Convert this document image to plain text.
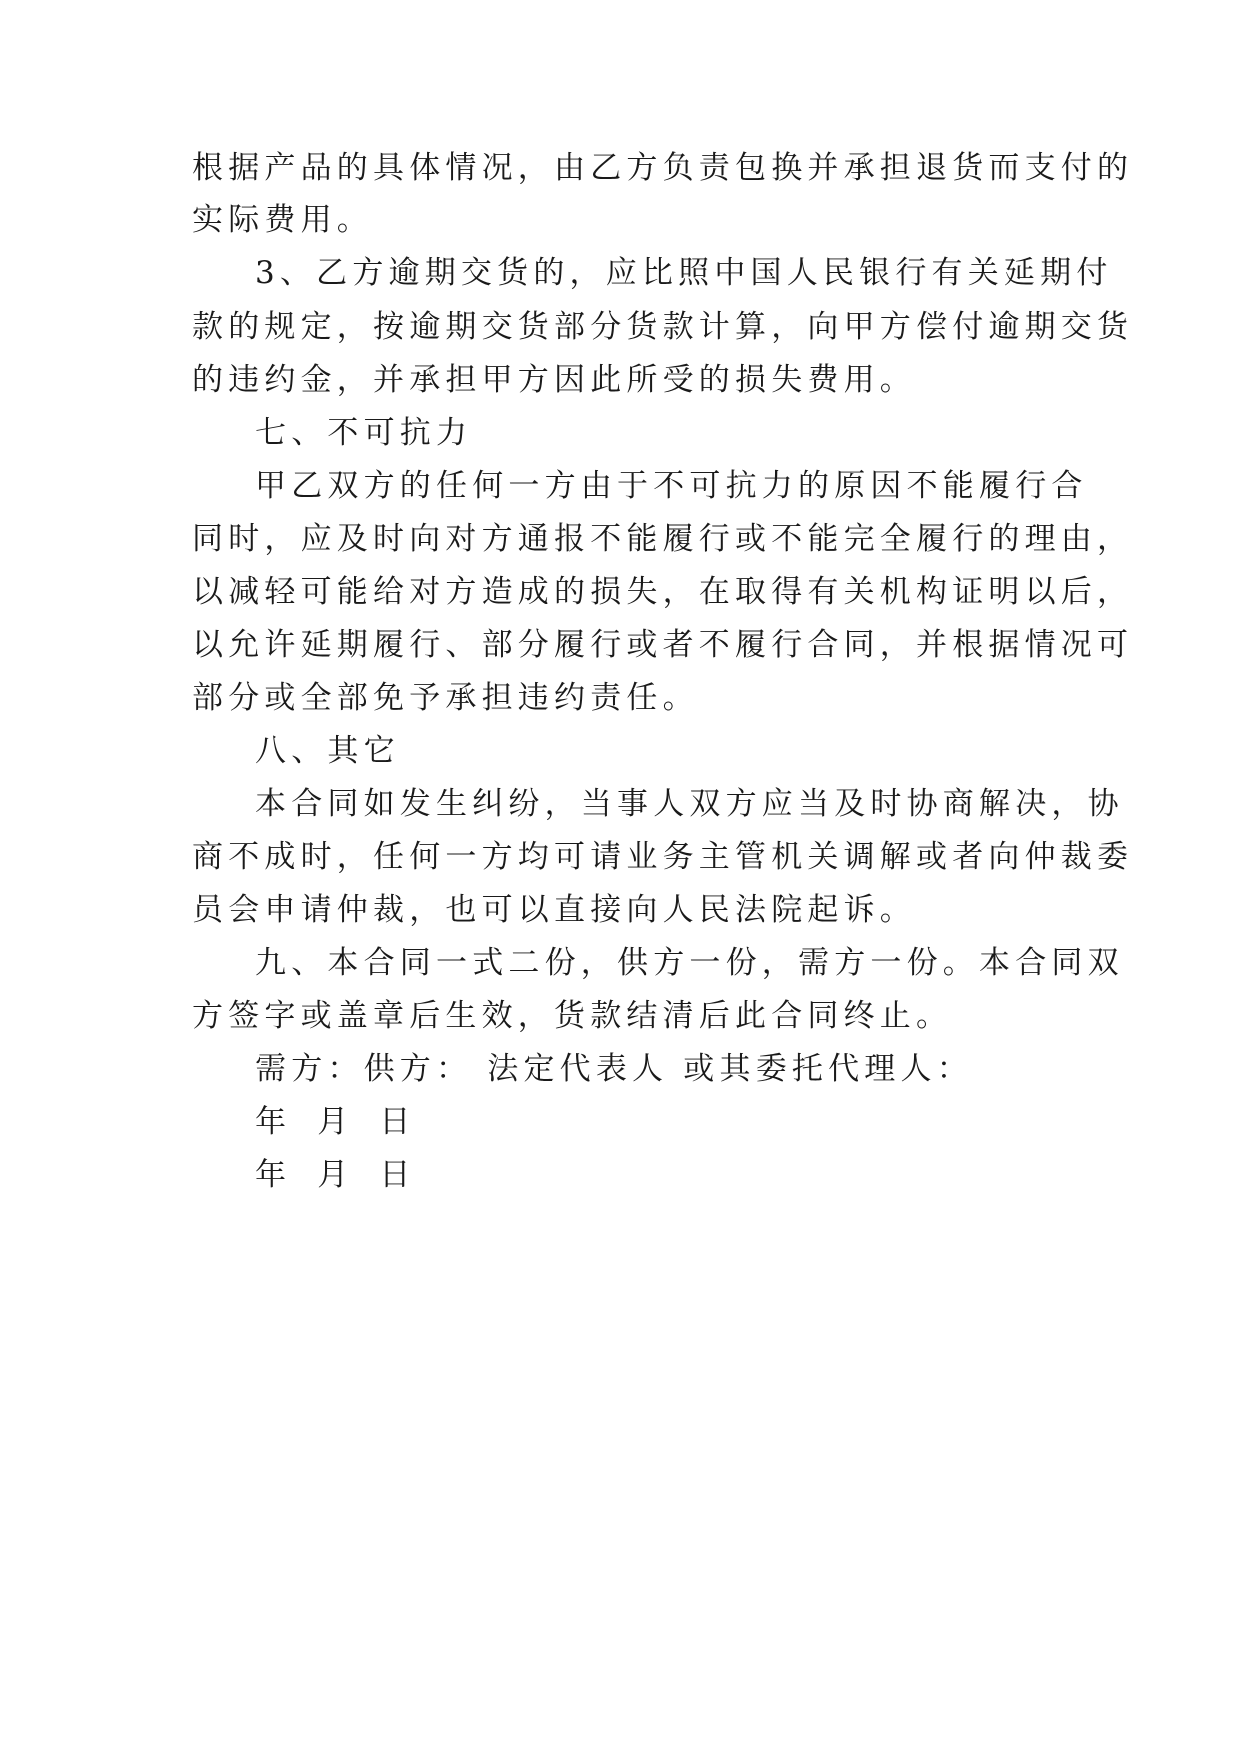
根据产品的具体情况，由乙方负责包换并承担退货而支付的
实际费用。
3、乙方逾期交货的，应比照中国人民银行有关延期付
款的规定，按逾期交货部分货款计算，向甲方偿付逾期交货
的违约金，并承担甲方因此所受的损失费用。
七、不可抗力
甲乙双方的任何一方由于不可抗力的原因不能履行合
同时，应及时向对方通报不能履行或不能完全履行的理由，
以减轻可能给对方造成的损失，在取得有关机构证明以后，
以允许延期履行、部分履行或者不履行合同，并根据情况可
部分或全部免予承担违约责任。
八、其它
本合同如发生纠纷，当事人双方应当及时协商解决，协
商不成时，任何一方均可请业务主管机关调解或者向仲裁委
员会申请仲裁，也可以直接向人民法院起诉。
九、本合同一式二份，供方一份，需方一份。本合同双
方签字或盖章后生效，货款结清后此合同终止。
需方：供方： 法定代表人 或其委托代理人：
年 月 日
年 月 日
